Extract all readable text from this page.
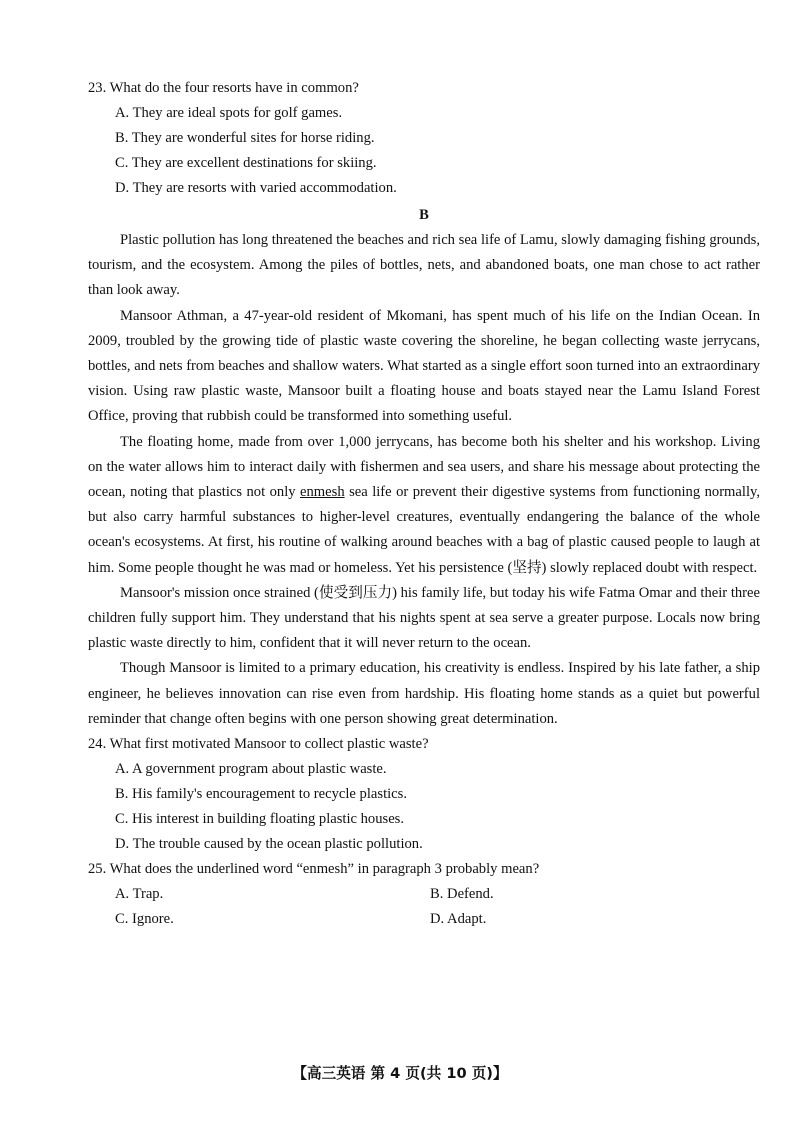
23. What do the four resorts have in common?
A. They are ideal spots for golf games.
B. They are wonderful sites for horse riding.
C. They are excellent destinations for skiing.
D. They are resorts with varied accommodation.
B

Plastic pollution has long threatened the beaches and rich sea life of Lamu, slowly damaging fishing grounds, tourism, and the ecosystem. Among the piles of bottles, nets, and abandoned boats, one man chose to act rather than look away.

Mansoor Athman, a 47-year-old resident of Mkomani, has spent much of his life on the Indian Ocean. In 2009, troubled by the growing tide of plastic waste covering the shoreline, he began collecting waste jerrycans, bottles, and nets from beaches and shallow waters. What started as a single effort soon turned into an extraordinary vision. Using raw plastic waste, Mansoor built a floating house and boats stayed near the Lamu Island Forest Office, proving that rubbish could be transformed into something useful.

The floating home, made from over 1,000 jerrycans, has become both his shelter and his workshop. Living on the water allows him to interact daily with fishermen and sea users, and share his message about protecting the ocean, noting that plastics not only enmesh sea life or prevent their digestive systems from functioning normally, but also carry harmful substances to higher-level creatures, eventually endangering the balance of the whole ocean's ecosystems. At first, his routine of walking around beaches with a bag of plastic caused people to laugh at him. Some people thought he was mad or homeless. Yet his persistence (坚持) slowly replaced doubt with respect.

Mansoor's mission once strained (使受到压力) his family life, but today his wife Fatma Omar and their three children fully support him. They understand that his nights spent at sea serve a greater purpose. Locals now bring plastic waste directly to him, confident that it will never return to the ocean.

Though Mansoor is limited to a primary education, his creativity is endless. Inspired by his late father, a ship engineer, he believes innovation can rise even from hardship. His floating home stands as a quiet but powerful reminder that change often begins with one person showing great determination.

24. What first motivated Mansoor to collect plastic waste?
A. A government program about plastic waste.
B. His family's encouragement to recycle plastics.
C. His interest in building floating plastic houses.
D. The trouble caused by the ocean plastic pollution.
25. What does the underlined word “enmesh” in paragraph 3 probably mean?
A. Trap.	B. Defend.
C. Ignore.	D. Adapt.
【高三英语 第 4 页(共 10 页)】
